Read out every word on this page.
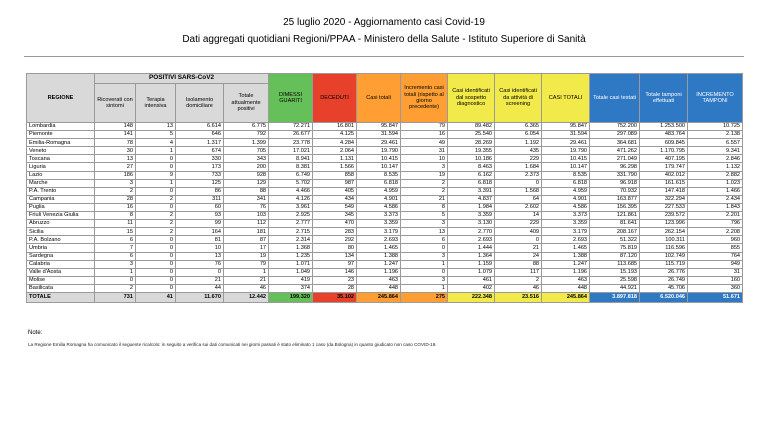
25 luglio 2020 - Aggiornamento casi Covid-19
Dati aggregati quotidiani Regioni/PPAA - Ministero della Salute - Istituto Superiore di Sanità
REGIONE	POSITIVI SARS-CoV2				DIMESSI GUARITI	DECEDUTI	Casi totali	Incremento casi totali (rispetto al giorno precedente)	Casi identificati dal sospetto diagnostico	Casi identificati da attività di screening	CASI TOTALI	Totale casi testati	Totale tamponi effettuati	INCREMENTO TAMPONI
	Ricoverati con sintomi	Terapia intensiva	Isolamento domiciliare	Totale attualmente positivi										
Lombardia	148	13	6.614	6.775	72.271	16.801	95.847	79	89.482	6.365	95.847	752.200	1.253.500	10.725
Piemonte	141	5	646	792	26.677	4.125	31.594	16	25.540	6.054	31.594	297.089	483.764	2.138
Emilia-Romagna	78	4	1.317	1.399	23.778	4.284	29.461	49	28.269	1.192	29.461	364.681	609.845	6.557
Veneto	30	1	674	705	17.021	2.064	19.790	31	19.355	435	19.790	471.262	1.170.795	9.341
Toscana	13	0	330	343	8.941	1.131	10.415	10	10.186	229	10.415	271.049	407.195	2.846
Liguria	27	0	173	200	8.381	1.566	10.147	3	8.463	1.684	10.147	96.298	179.747	1.132
Lazio	186	9	733	928	6.749	858	8.535	19	6.162	2.373	8.535	331.790	402.012	2.882
Marche	3	1	125	129	5.702	987	6.818	2	6.818	0	6.818	96.918	161.615	1.023
P.A. Trento	2	0	86	88	4.466	405	4.959	2	3.391	1.568	4.959	70.932	147.418	1.466
Campania	28	2	311	341	4.126	434	4.901	21	4.837	64	4.901	163.877	322.294	2.434
Puglia	16	0	60	76	3.961	549	4.586	8	1.984	2.602	4.586	156.395	227.533	1.843
Friuli Venezia Giulia	8	2	93	103	2.925	345	3.373	5	3.359	14	3.373	121.861	239.572	2.201
Abruzzo	11	2	99	112	2.777	470	3.359	3	3.130	229	3.359	81.641	123.996	796
Sicilia	15	2	164	181	2.715	283	3.179	13	2.770	409	3.179	208.167	262.154	2.208
P.A. Bolzano	6	0	81	87	2.314	292	2.693	6	2.693	0	2.693	51.322	100.311	960
Umbria	7	0	10	17	1.368	80	1.465	0	1.444	21	1.465	75.819	116.596	855
Sardegna	6	0	13	19	1.235	134	1.388	3	1.364	24	1.388	87.120	102.749	764
Calabria	3	0	76	79	1.071	97	1.247	1	1.159	88	1.247	113.685	115.719	949
Valle d'Aosta	1	0	0	1	1.049	146	1.196	0	1.079	117	1.196	15.193	26.776	31
Molise	0	0	21	21	419	23	463	3	461	2	463	25.598	26.749	160
Basilicata	2	0	44	46	374	28	448	1	402	46	448	44.921	45.706	360
TOTALE	731	41	11.670	12.442	199.320	35.102	245.864	275	222.348	23.516	245.864	3.897.818	6.520.046	51.671
Note:
La Regione Emilia Romagna ha comunicato il seguente ricalcolo: in seguito a verifica sui dati comunicati nei giorni passati è stato eliminato 1 caso (da Bologna) in quanto giudicato non caso COVID-19.
